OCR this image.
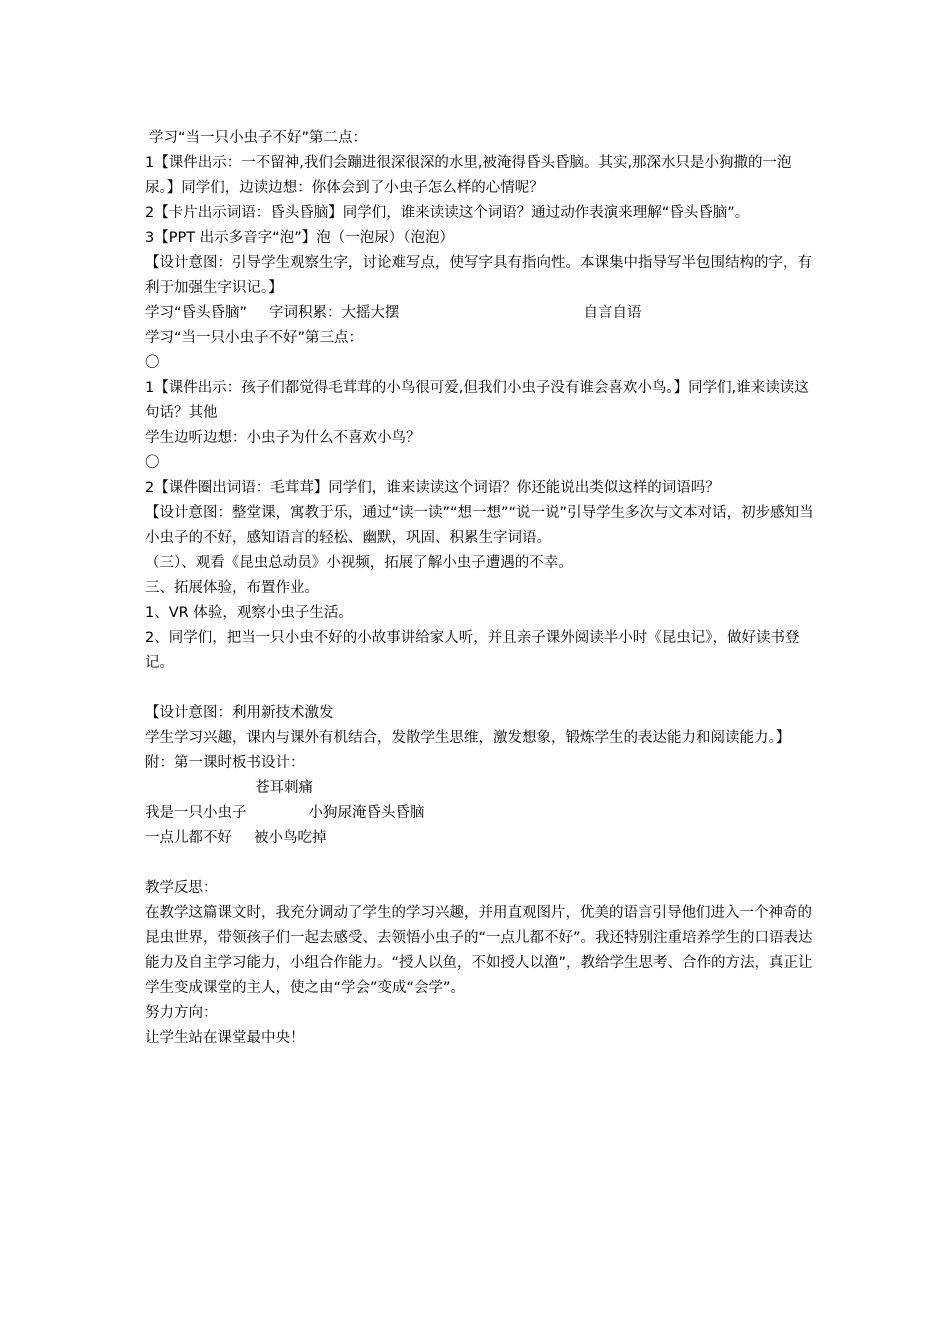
学习“当一只小虫子不好”第二点：
1【课件出示：一不留神,我们会蹦进很深很深的水里,被淹得昏头昏脑。其实,那深水只是小狗撒的一泡尿。】同学们，边读边想：你体会到了小虫子怎么样的心情呢？
2【卡片出示词语：昏头昏脑】同学们，谁来读读这个词语？通过动作表演来理解“昏头昏脑”。
3【PPT 出示多音字“泡”】泡（一泡尿）（泡泡）
【设计意图：引导学生观察生字，讨论难写点，使写字具有指向性。本课集中指导写半包围结构的字，有利于加强生字识记。】
学习“昏头昏脑” 字词积累：大摇大摆	自言自语
学习“当一只小虫子不好”第三点：
〇
1【课件出示：孩子们都觉得毛茸茸的小鸟很可爱,但我们小虫子没有谁会喜欢小鸟。】同学们,谁来读读这句话？其他
学生边听边想：小虫子为什么不喜欢小鸟？
〇
2【课件圈出词语：毛茸茸】同学们，谁来读读这个词语？你还能说出类似这样的词语吗？
【设计意图：整堂课，寓教于乐，通过“读一读”“想一想”“说一说”引导学生多次与文本对话，初步感知当小虫子的不好，感知语言的轻松、幽默，巩固、积累生字词语。
（三）、观看《昆虫总动员》小视频，拓展了解小虫子遭遇的不幸。
三、拓展体验，布置作业。
1、VR 体验，观察小虫子生活。
2、同学们，把当一只小虫不好的小故事讲给家人听，并且亲子课外阅读半小时《昆虫记》，做好读书登记。
【设计意图：利用新技术激发
学生学习兴趣，课内与课外有机结合，发散学生思维，激发想象，锻炼学生的表达能力和阅读能力。】
附：第一课时板书设计：
苍耳刺痛
我是一只小虫子	小狗尿淹昏头昏脑
一点儿都不好 被小鸟吃掉
教学反思：
在教学这篇课文时，我充分调动了学生的学习兴趣，并用直观图片，优美的语言引导他们进入一个神奇的昆虫世界，带领孩子们一起去感受、去领悟小虫子的“一点儿都不好”。我还特别注重培养学生的口语表达能力及自主学习能力，小组合作能力。“授人以鱼，不如授人以渔”，教给学生思考、合作的方法，真正让学生变成课堂的主人，使之由“学会”变成“会学”。
努力方向：
让学生站在课堂最中央！
